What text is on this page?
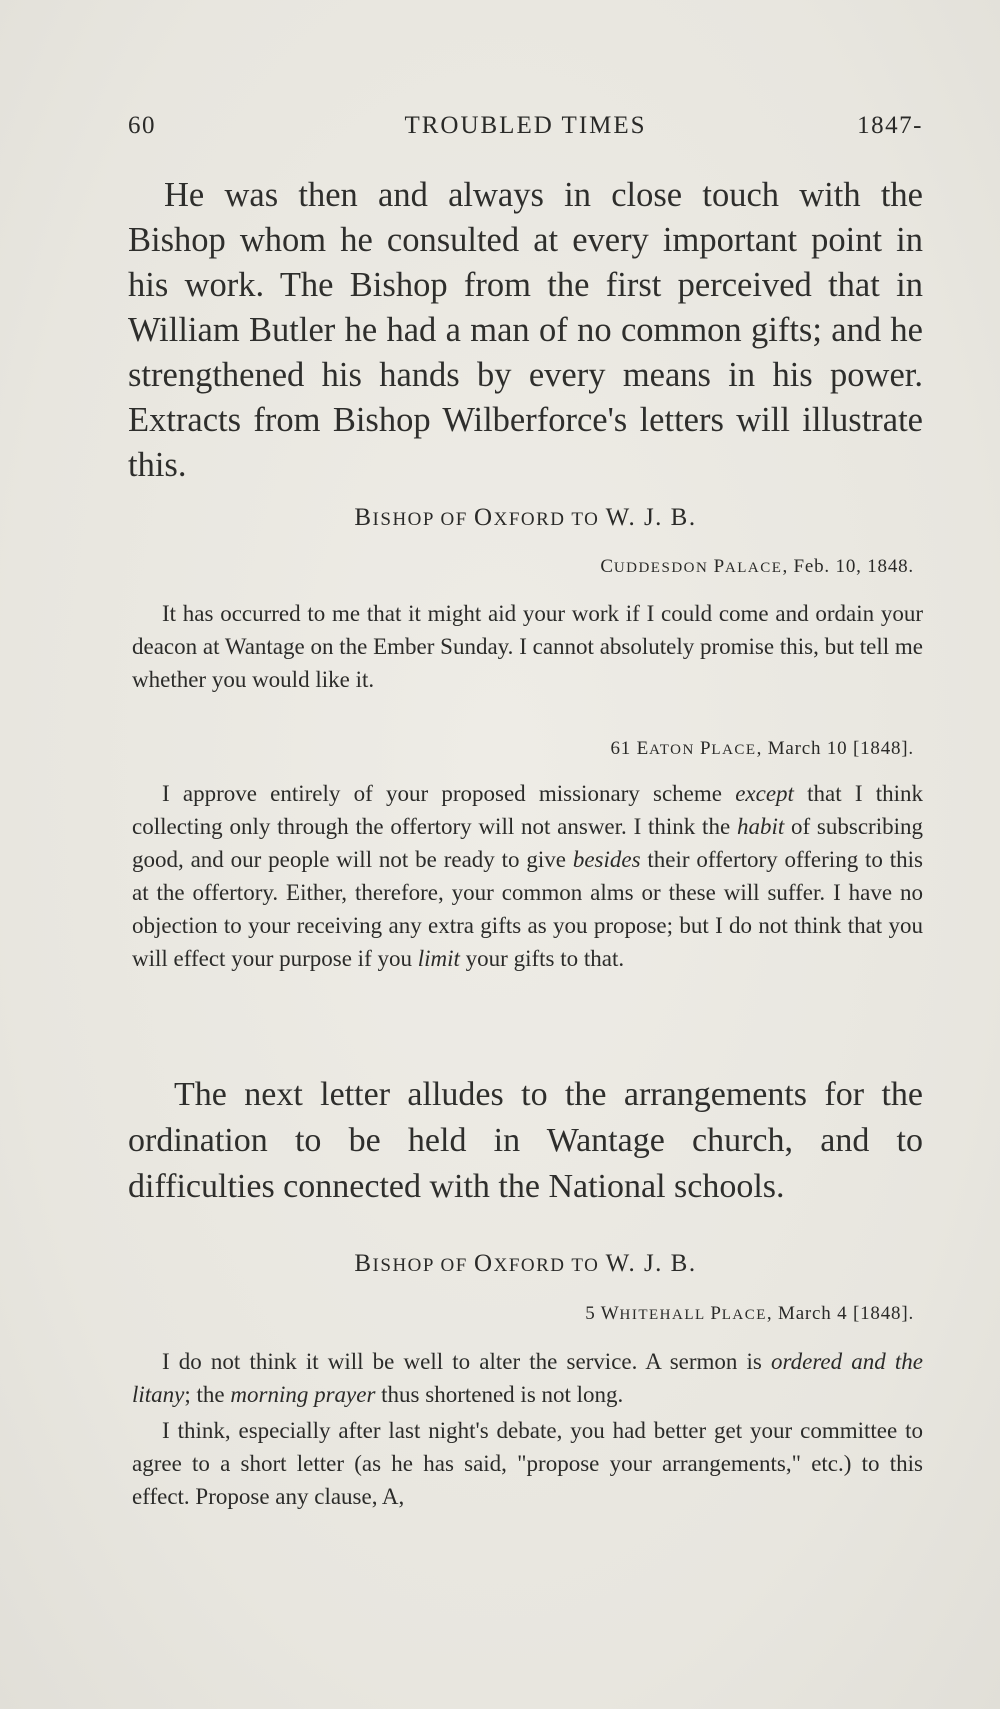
60	TROUBLED TIMES	1847-
He was then and always in close touch with the Bishop whom he consulted at every important point in his work. The Bishop from the first perceived that in William Butler he had a man of no common gifts; and he strengthened his hands by every means in his power. Extracts from Bishop Wilberforce's letters will illustrate this.
BISHOP OF OXFORD TO W. J. B.
CUDDESDON PALACE, Feb. 10, 1848.

It has occurred to me that it might aid your work if I could come and ordain your deacon at Wantage on the Ember Sunday. I cannot absolutely promise this, but tell me whether you would like it.

61 EATON PLACE, March 10 [1848].

I approve entirely of your proposed missionary scheme except that I think collecting only through the offertory will not answer. I think the habit of subscribing good, and our people will not be ready to give besides their offertory offering to this at the offertory. Either, therefore, your common alms or these will suffer. I have no objection to your receiving any extra gifts as you propose; but I do not think that you will effect your purpose if you limit your gifts to that.

The next letter alludes to the arrangements for the ordination to be held in Wantage church, and to difficulties connected with the National schools.
BISHOP OF OXFORD TO W. J. B.
5 WHITEHALL PLACE, March 4 [1848].

I do not think it will be well to alter the service. A sermon is ordered and the litany; the morning prayer thus shortened is not long.

I think, especially after last night's debate, you had better get your committee to agree to a short letter (as he has said, "propose your arrangements," etc.) to this effect. Propose any clause, A,
